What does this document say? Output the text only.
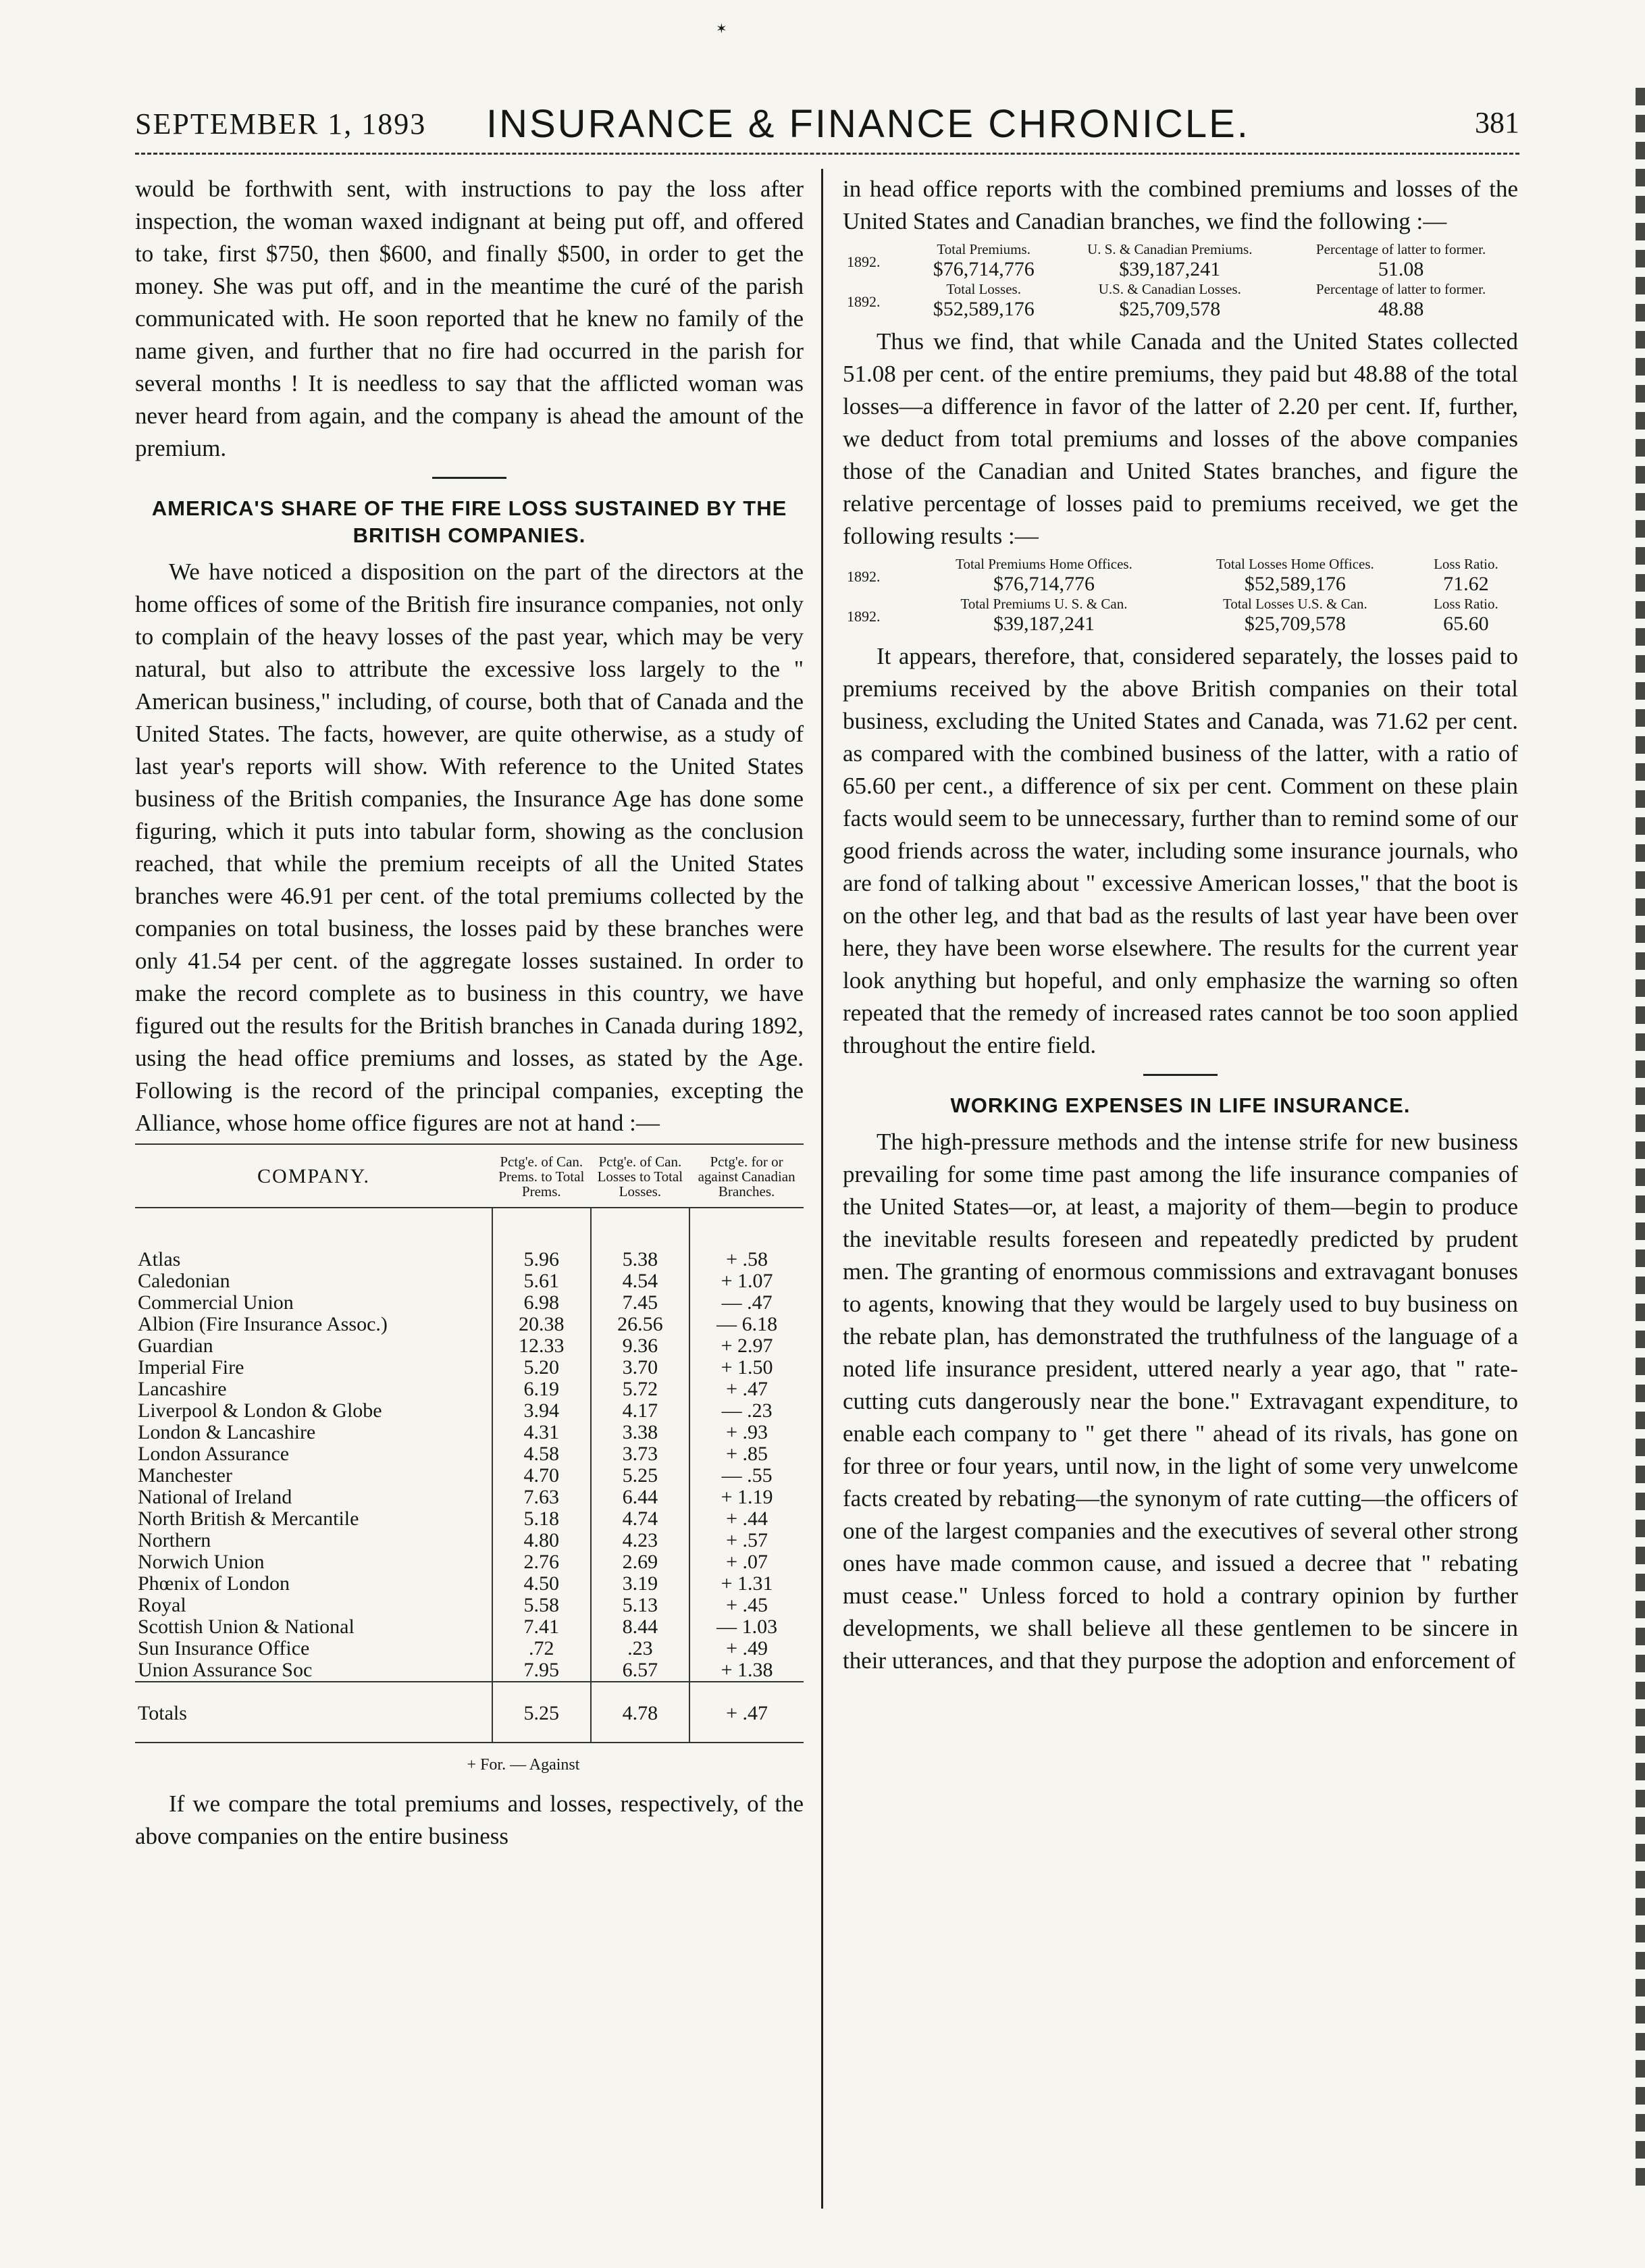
✶
SEPTEMBER 1, 1893 INSURANCE & FINANCE CHRONICLE.	381

would be forthwith sent, with instructions to pay the loss after inspection, the woman waxed indignant at being put off, and offered to take, first $750, then $600, and finally $500, in order to get the money. She was put off, and in the meantime the curé of the parish communicated with. He soon reported that he knew no family of the name given, and further that no fire had occurred in the parish for several months ! It is needless to say that the afflicted woman was never heard from again, and the company is ahead the amount of the premium.

AMERICA'S SHARE OF THE FIRE LOSS SUSTAINED BY THE BRITISH COMPANIES.

We have noticed a disposition on the part of the directors at the home offices of some of the British fire insurance companies, not only to complain of the heavy losses of the past year, which may be very natural, but also to attribute the excessive loss largely to the " American business," including, of course, both that of Canada and the United States. The facts, however, are quite otherwise, as a study of last year's reports will show. With reference to the United States business of the British companies, the Insurance Age has done some figuring, which it puts into tabular form, showing as the conclusion reached, that while the premium receipts of all the United States branches were 46.91 per cent. of the total premiums collected by the companies on total business, the losses paid by these branches were only 41.54 per cent. of the aggregate losses sustained. In order to make the record complete as to business in this country, we have figured out the results for the British branches in Canada during 1892, using the head office premiums and losses, as stated by the Age. Following is the record of the principal companies, excepting the Alliance, whose home office figures are not at hand :—

COMPANY.	Pctg'e. of Can. Prems. to Total Prems.	Pctg'e. of Can. Losses to Total Losses.	Pctg'e. for or against Canadian Branches.

Atlas	5.96	5.38	+ .58
Caledonian	5.61	4.54	+ 1.07
Commercial Union	6.98	7.45	— .47
Albion (Fire Insurance Assoc.)	20.38	26.56	— 6.18
Guardian	12.33	9.36	+ 2.97
Imperial Fire	5.20	3.70	+ 1.50
Lancashire	6.19	5.72	+ .47
Liverpool & London & Globe	3.94	4.17	— .23
London & Lancashire	4.31	3.38	+ .93
London Assurance	4.58	3.73	+ .85
Manchester	4.70	5.25	— .55
National of Ireland	7.63	6.44	+ 1.19
North British & Mercantile	5.18	4.74	+ .44
Northern	4.80	4.23	+ .57
Norwich Union	2.76	2.69	+ .07
Phœnix of London	4.50	3.19	+ 1.31
Royal	5.58	5.13	+ .45
Scottish Union & National	7.41	8.44	— 1.03
Sun Insurance Office	.72	.23	+ .49
Union Assurance Soc	7.95	6.57	+ 1.38
Totals	5.25	4.78	+ .47
+ For. — Against

If we compare the total premiums and losses, respectively, of the above companies on the entire business

in head office reports with the combined premiums and losses of the United States and Canadian branches, we find the following :—

1892.	Total Premiums.	U. S. & Canadian Premiums.	Percentage of latter to former.
	$76,714,776	$39,187,241	51.08
1892.	Total Losses.	U.S. & Canadian Losses.	Percentage of latter to former.
	$52,589,176	$25,709,578	48.88

Thus we find, that while Canada and the United States collected 51.08 per cent. of the entire premiums, they paid but 48.88 of the total losses—a difference in favor of the latter of 2.20 per cent. If, further, we deduct from total premiums and losses of the above companies those of the Canadian and United States branches, and figure the relative percentage of losses paid to premiums received, we get the following results :—

1892.	Total Premiums Home Offices.	Total Losses Home Offices.	Loss Ratio.
	$76,714,776	$52,589,176	71.62
1892.	Total Premiums U. S. & Can.	Total Losses U.S. & Can.	Loss Ratio.
	$39,187,241	$25,709,578	65.60

It appears, therefore, that, considered separately, the losses paid to premiums received by the above British companies on their total business, excluding the United States and Canada, was 71.62 per cent. as compared with the combined business of the latter, with a ratio of 65.60 per cent., a difference of six per cent. Comment on these plain facts would seem to be unnecessary, further than to remind some of our good friends across the water, including some insurance journals, who are fond of talking about " excessive American losses," that the boot is on the other leg, and that bad as the results of last year have been over here, they have been worse elsewhere. The results for the current year look anything but hopeful, and only emphasize the warning so often repeated that the remedy of increased rates cannot be too soon applied throughout the entire field.

WORKING EXPENSES IN LIFE INSURANCE.

The high-pressure methods and the intense strife for new business prevailing for some time past among the life insurance companies of the United States—or, at least, a majority of them—begin to produce the inevitable results foreseen and repeatedly predicted by prudent men. The granting of enormous commissions and extravagant bonuses to agents, knowing that they would be largely used to buy business on the rebate plan, has demonstrated the truthfulness of the language of a noted life insurance president, uttered nearly a year ago, that " rate-cutting cuts dangerously near the bone." Extravagant expenditure, to enable each company to " get there " ahead of its rivals, has gone on for three or four years, until now, in the light of some very unwelcome facts created by rebating—the synonym of rate cutting—the officers of one of the largest companies and the executives of several other strong ones have made common cause, and issued a decree that " rebating must cease." Unless forced to hold a contrary opinion by further developments, we shall believe all these gentlemen to be sincere in their utterances, and that they purpose the adoption and enforcement of
